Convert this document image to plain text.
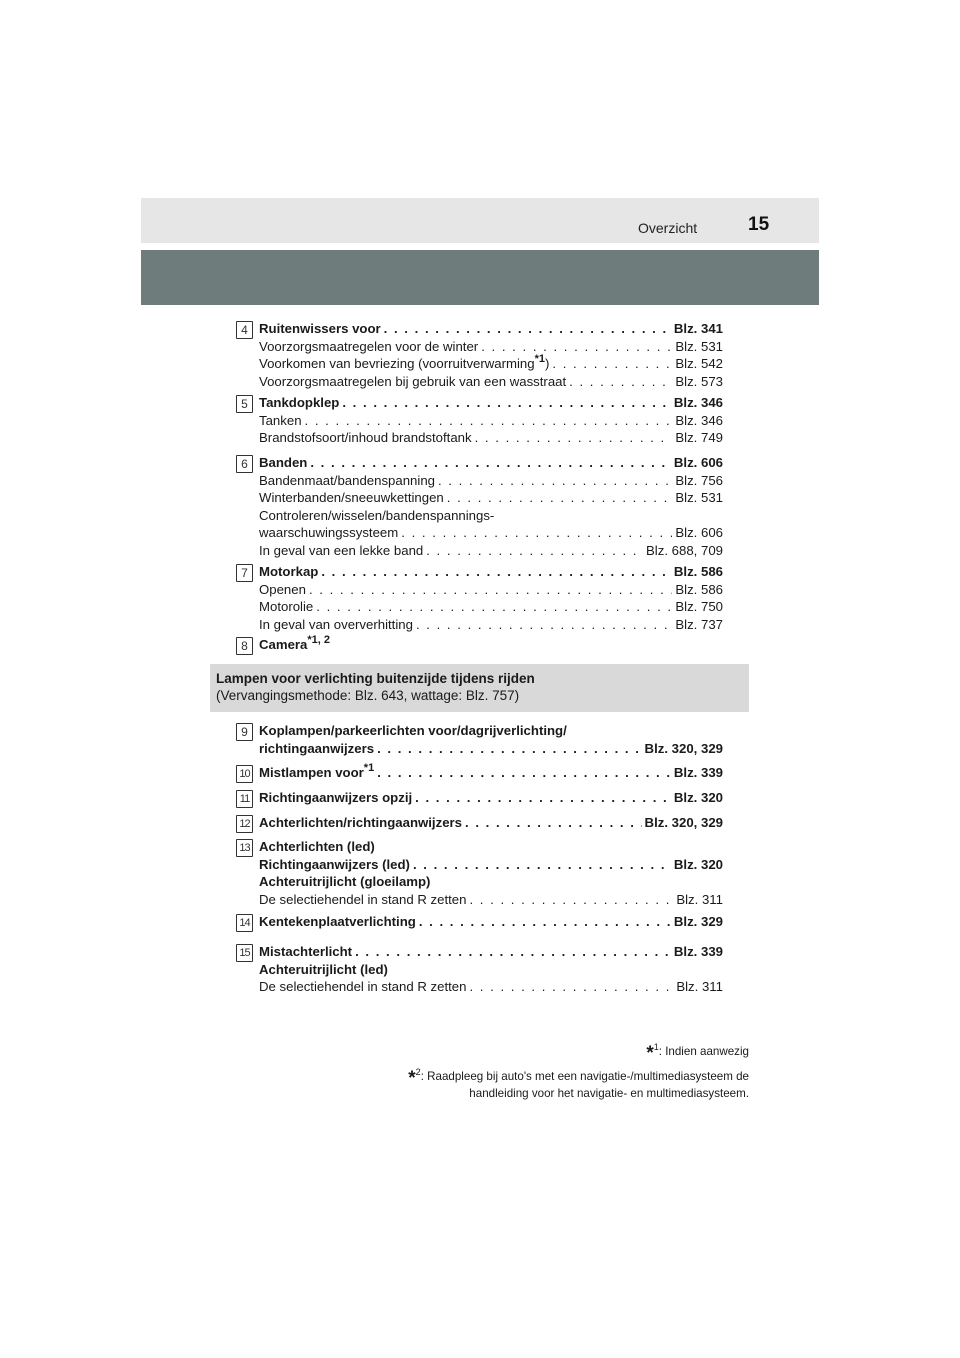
Overzicht	15
4 Ruitenwissers voor . . .	Blz. 341
Voorzorgsmaatregelen voor de winter . . .	Blz. 531
Voorkomen van bevriezing (voorruitverwarming$^{*1}$) . . .	Blz. 542
Voorzorgsmaatregelen bij gebruik van een wasstraat . . .	Blz. 573
5 Tankdopklep . . .	Blz. 346
Tanken . . .	Blz. 346
Brandstofsoort/inhoud brandstoftank . . .	Blz. 749
6 Banden . . .	Blz. 606
Bandenmaat/bandenspanning . . .	Blz. 756
Winterbanden/sneeuwkettingen . . .	Blz. 531
Controleren/wisselen/bandenspannings-
waarschuwingssysteem . . .	Blz. 606
In geval van een lekke band . . .	Blz. 688, 709
7 Motorkap . . .	Blz. 586
Openen . . .	Blz. 586
Motorolie . . .	Blz. 750
In geval van oververhitting . . .	Blz. 737
8 Camera$^{*1, 2}$
Lampen voor verlichting buitenzijde tijdens rijden
(Vervangingsmethode: Blz. 643, wattage: Blz. 757)
9 Koplampen/parkeerlichten voor/dagrijverlichting/
richtingaanwijzers . . .	Blz. 320, 329
10 Mistlampen voor$^{*1}$ . . .	Blz. 339
11 Richtingaanwijzers opzij . . .	Blz. 320
12 Achterlichten/richtingaanwijzers . . .	Blz. 320, 329
13 Achterlichten (led)
Richtingaanwijzers (led) . . .	Blz. 320
Achteruitrijlicht (gloeilamp)
De selectiehendel in stand R zetten . . .	Blz. 311
14 Kentekenplaatverlichting . . .	Blz. 329
15 Mistachterlicht . . .	Blz. 339
Achteruitrijlicht (led)
De selectiehendel in stand R zetten . . .	Blz. 311
*$^1$: Indien aanwezig
*$^2$: Raadpleeg bij auto's met een navigatie-/multimediasysteem de
handleiding voor het navigatie- en multimediasysteem.
